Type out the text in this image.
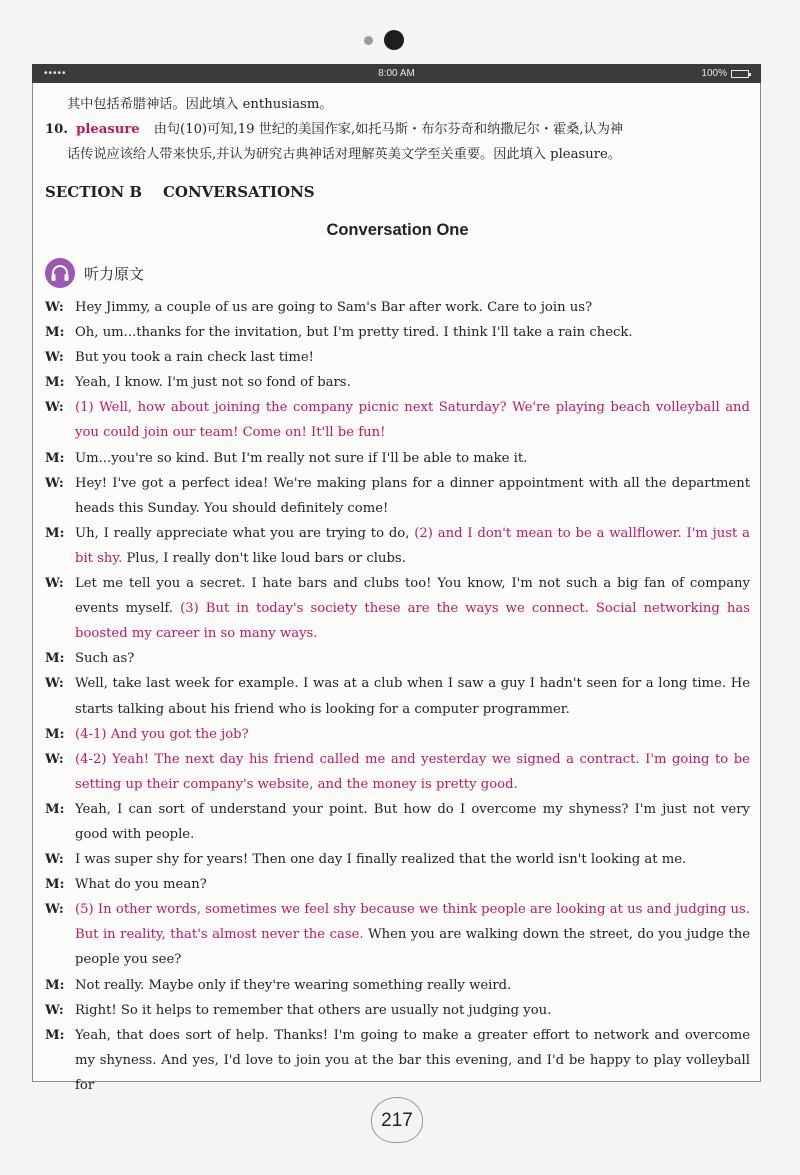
•••••	8:00 AM	100%

其中包括希腊神话。因此填入 enthusiasm。

10. pleasure 由句(10)可知,19 世纪的美国作家,如托马斯・布尔芬奇和纳撒尼尔・霍桑,认为神

话传说应该给人带来快乐,并认为研究古典神话对理解英美文学至关重要。因此填入 pleasure。

SECTION B    CONVERSATIONS
Conversation One
听力原文
W: Hey Jimmy, a couple of us are going to Sam's Bar after work. Care to join us?
M: Oh, um...thanks for the invitation, but I'm pretty tired. I think I'll take a rain check.
W: But you took a rain check last time!
M: Yeah, I know. I'm just not so fond of bars.
W: (1) Well, how about joining the company picnic next Saturday? We're playing beach volleyball and you could join our team! Come on! It'll be fun!
M: Um...you're so kind. But I'm really not sure if I'll be able to make it.
W: Hey! I've got a perfect idea! We're making plans for a dinner appointment with all the department heads this Sunday. You should definitely come!
M: Uh, I really appreciate what you are trying to do, (2) and I don't mean to be a wallflower. I'm just a bit shy. Plus, I really don't like loud bars or clubs.
W: Let me tell you a secret. I hate bars and clubs too! You know, I'm not such a big fan of company events myself. (3) But in today's society these are the ways we connect. Social networking has boosted my career in so many ways.
M: Such as?
W: Well, take last week for example. I was at a club when I saw a guy I hadn't seen for a long time. He starts talking about his friend who is looking for a computer programmer.
M: (4-1) And you got the job?
W: (4-2) Yeah! The next day his friend called me and yesterday we signed a contract. I'm going to be setting up their company's website, and the money is pretty good.
M: Yeah, I can sort of understand your point. But how do I overcome my shyness? I'm just not very good with people.
W: I was super shy for years! Then one day I finally realized that the world isn't looking at me.
M: What do you mean?
W: (5) In other words, sometimes we feel shy because we think people are looking at us and judging us. But in reality, that's almost never the case. When you are walking down the street, do you judge the people you see?
M: Not really. Maybe only if they're wearing something really weird.
W: Right! So it helps to remember that others are usually not judging you.
M: Yeah, that does sort of help. Thanks! I'm going to make a greater effort to network and overcome my shyness. And yes, I'd love to join you at the bar this evening, and I'd be happy to play volleyball for
217
